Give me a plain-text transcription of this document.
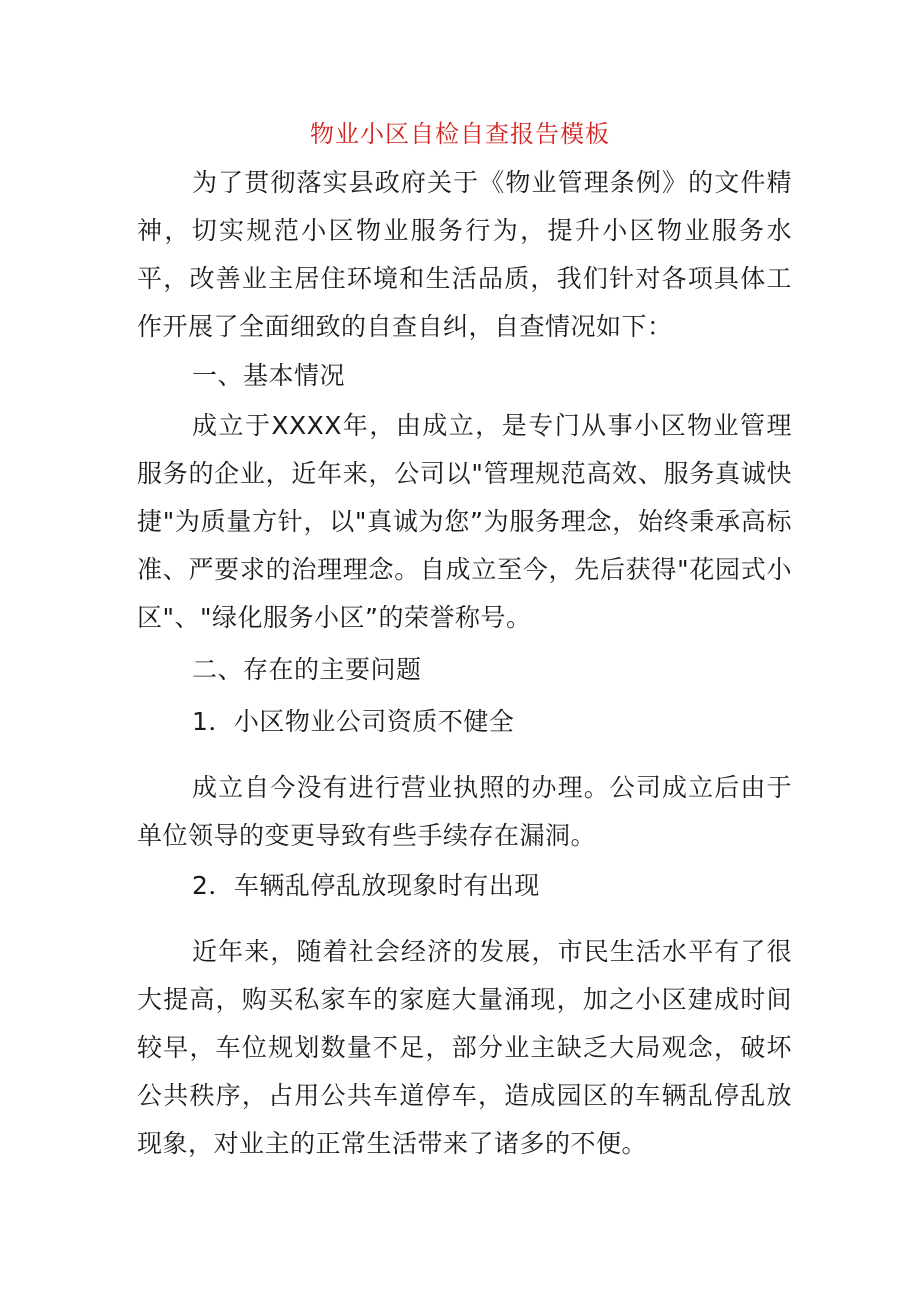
物业小区自检自查报告模板

为了贯彻落实县政府关于《物业管理条例》的文件精神，切实规范小区物业服务行为，提升小区物业服务水平，改善业主居住环境和生活品质，我们针对各项具体工作开展了全面细致的自查自纠，自查情况如下：

一、基本情况

成立于XXXX年，由成立，是专门从事小区物业管理服务的企业，近年来，公司以"管理规范高效、服务真诚快捷"为质量方针，以"真诚为您”为服务理念，始终秉承高标准、严要求的治理理念。自成立至今，先后获得"花园式小区"、"绿化服务小区”的荣誉称号。

二、存在的主要问题

1．小区物业公司资质不健全

成立自今没有进行营业执照的办理。公司成立后由于单位领导的变更导致有些手续存在漏洞。

2．车辆乱停乱放现象时有出现

近年来，随着社会经济的发展，市民生活水平有了很大提高，购买私家车的家庭大量涌现，加之小区建成时间较早，车位规划数量不足，部分业主缺乏大局观念，破坏公共秩序，占用公共车道停车，造成园区的车辆乱停乱放现象，对业主的正常生活带来了诸多的不便。
